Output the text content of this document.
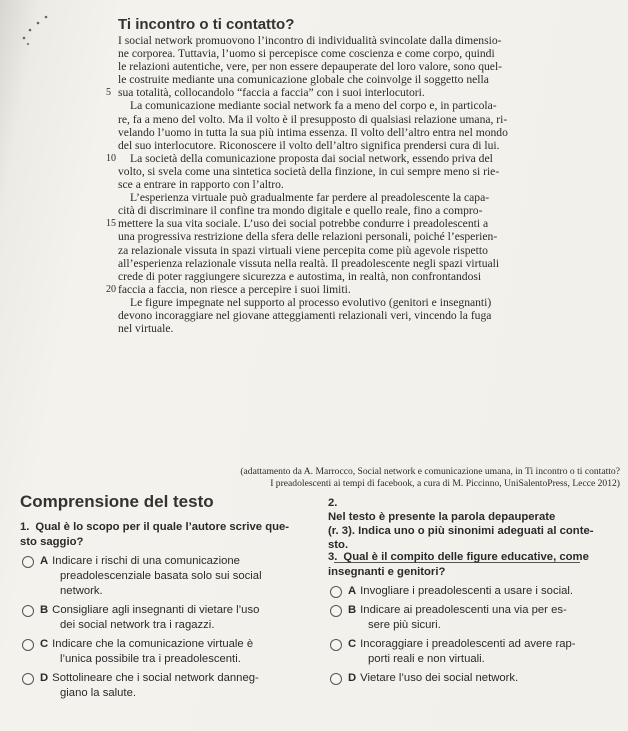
Ti incontro o ti contatto?
I social network promuovono l’incontro di individualità svincolate dalla dimensio-
ne corporea. Tuttavia, l’uomo si percepisce come coscienza e come corpo, quindi
le relazioni autentiche, vere, per non essere depauperate del loro valore, sono quel-
le costruite mediante una comunicazione globale che coinvolge il soggetto nella
5 sua totalità, collocandolo “faccia a faccia” con i suoi interlocutori.
La comunicazione mediante social network fa a meno del corpo e, in particola-
re, fa a meno del volto. Ma il volto è il presupposto di qualsiasi relazione umana, ri-
velando l’uomo in tutta la sua più intima essenza. Il volto dell’altro entra nel mondo
del suo interlocutore. Riconoscere il volto dell’altro significa prendersi cura di lui.
10 La società della comunicazione proposta dai social network, essendo priva del
volto, si svela come una sintetica società della finzione, in cui sempre meno si rie-
sce a entrare in rapporto con l’altro.
L’esperienza virtuale può gradualmente far perdere al preadolescente la capa-
cità di discriminare il confine tra mondo digitale e quello reale, fino a compro-
15 mettere la sua vita sociale. L’uso dei social potrebbe condurre i preadolescenti a
una progressiva restrizione della sfera delle relazioni personali, poiché l’esperien-
za relazionale vissuta in spazi virtuali viene percepita come più agevole rispetto
all’esperienza relazionale vissuta nella realtà. Il preadolescente negli spazi virtuali
crede di poter raggiungere sicurezza e autostima, in realtà, non confrontandosi
20 faccia a faccia, non riesce a percepire i suoi limiti.
Le figure impegnate nel supporto al processo evolutivo (genitori e insegnanti)
devono incoraggiare nel giovane atteggiamenti relazionali veri, vincendo la fuga
nel virtuale.
(adattamento da A. Marrocco, Social network e comunicazione umana, in Ti incontro o ti contatto?
I preadolescenti ai tempi di facebook, a cura di M. Piccinno, UniSalentoPress, Lecce 2012)
Comprensione del testo
1. Qual è lo scopo per il quale l’autore scrive que-
sto saggio?
A Indicare i rischi di una comunicazione
preadolescenziale basata solo sui social
network.
B Consigliare agli insegnanti di vietare l’uso
dei social network tra i ragazzi.
C Indicare che la comunicazione virtuale è
l’unica possibile tra i preadolescenti.
D Sottolineare che i social network danneg-
giano la salute.
2.
Nel testo è presente la parola depauperate
(r. 3). Indica uno o più sinonimi adeguati al conte-
sto.
3. Qual è il compito delle figure educative, come
insegnanti e genitori?
A Invogliare i preadolescenti a usare i social.
B Indicare ai preadolescenti una via per es-
sere più sicuri.
C Incoraggiare i preadolescenti ad avere rap-
porti reali e non virtuali.
D Vietare l’uso dei social network.
